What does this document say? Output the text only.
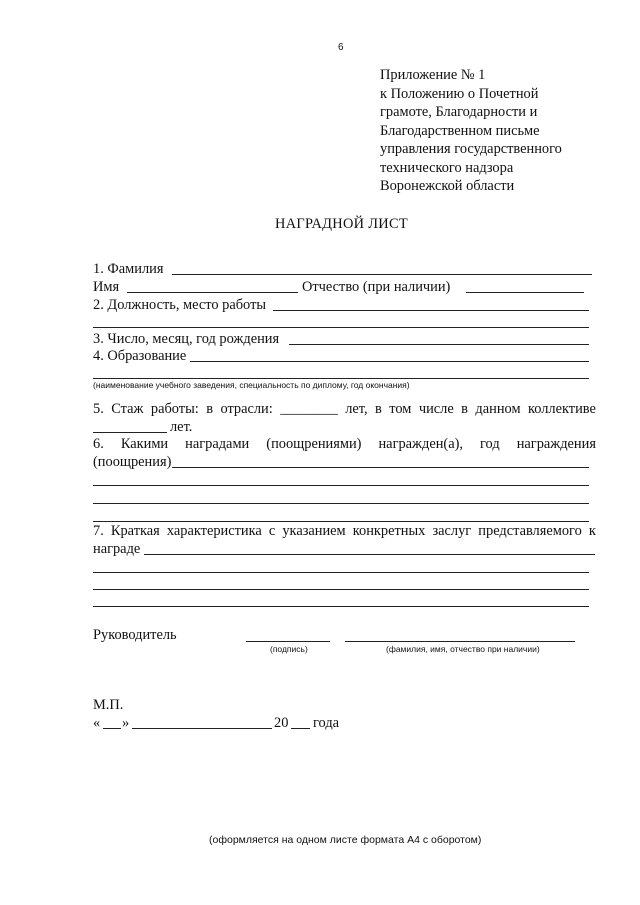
6
Приложение № 1
к Положению о Почетной
грамоте, Благодарности и
Благодарственном письме
управления государственного
технического надзора
Воронежской области
НАГРАДНОЙ ЛИСТ
1. Фамилия
Имя	Отчество (при наличии)
2. Должность, место работы
3. Число, месяц, год рождения
4. Образование
(наименование учебного заведения, специальность по диплому, год окончания)
5. Стаж работы: в отрасли: ________ лет, в том числе в данном коллективе
лет.
6. Какими наградами (поощрениями) награжден(а), год награждения
(поощрения)
7. Краткая характеристика с указанием конкретных заслуг представляемого к
награде
Руководитель
(подпись)	(фамилия, имя, отчество при наличии)
М.П.
« »	20 года
(оформляется на одном листе формата А4 с оборотом)
